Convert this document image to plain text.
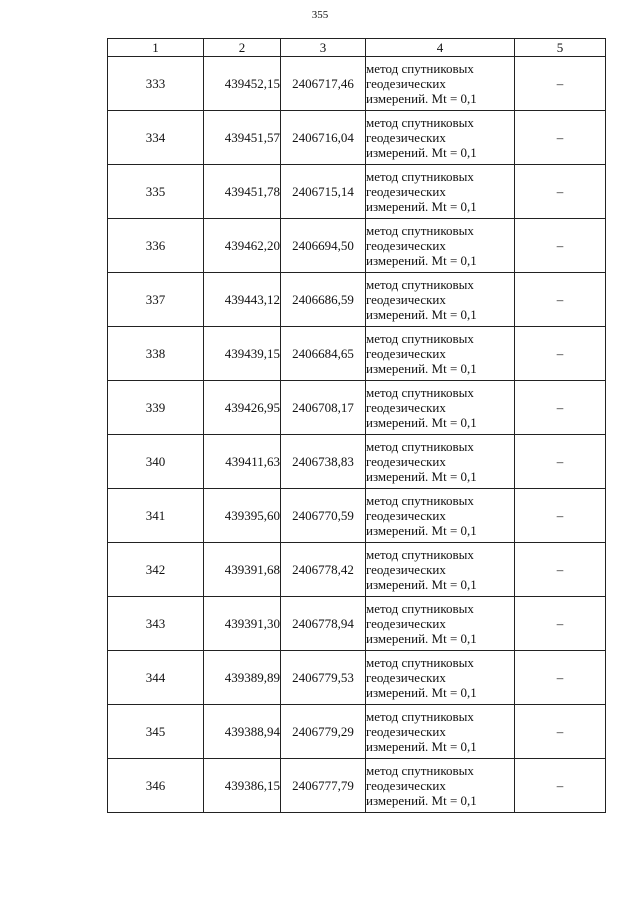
355
1	2	3	4	5
333	439452,15	2406717,46	метод спутниковых
геодезических
измерений. Mt = 0,1	–
334	439451,57	2406716,04	метод спутниковых
геодезических
измерений. Mt = 0,1	–
335	439451,78	2406715,14	метод спутниковых
геодезических
измерений. Mt = 0,1	–
336	439462,20	2406694,50	метод спутниковых
геодезических
измерений. Mt = 0,1	–
337	439443,12	2406686,59	метод спутниковых
геодезических
измерений. Mt = 0,1	–
338	439439,15	2406684,65	метод спутниковых
геодезических
измерений. Mt = 0,1	–
339	439426,95	2406708,17	метод спутниковых
геодезических
измерений. Mt = 0,1	–
340	439411,63	2406738,83	метод спутниковых
геодезических
измерений. Mt = 0,1	–
341	439395,60	2406770,59	метод спутниковых
геодезических
измерений. Mt = 0,1	–
342	439391,68	2406778,42	метод спутниковых
геодезических
измерений. Mt = 0,1	–
343	439391,30	2406778,94	метод спутниковых
геодезических
измерений. Mt = 0,1	–
344	439389,89	2406779,53	метод спутниковых
геодезических
измерений. Mt = 0,1	–
345	439388,94	2406779,29	метод спутниковых
геодезических
измерений. Mt = 0,1	–
346	439386,15	2406777,79	метод спутниковых
геодезических
измерений. Mt = 0,1	–
